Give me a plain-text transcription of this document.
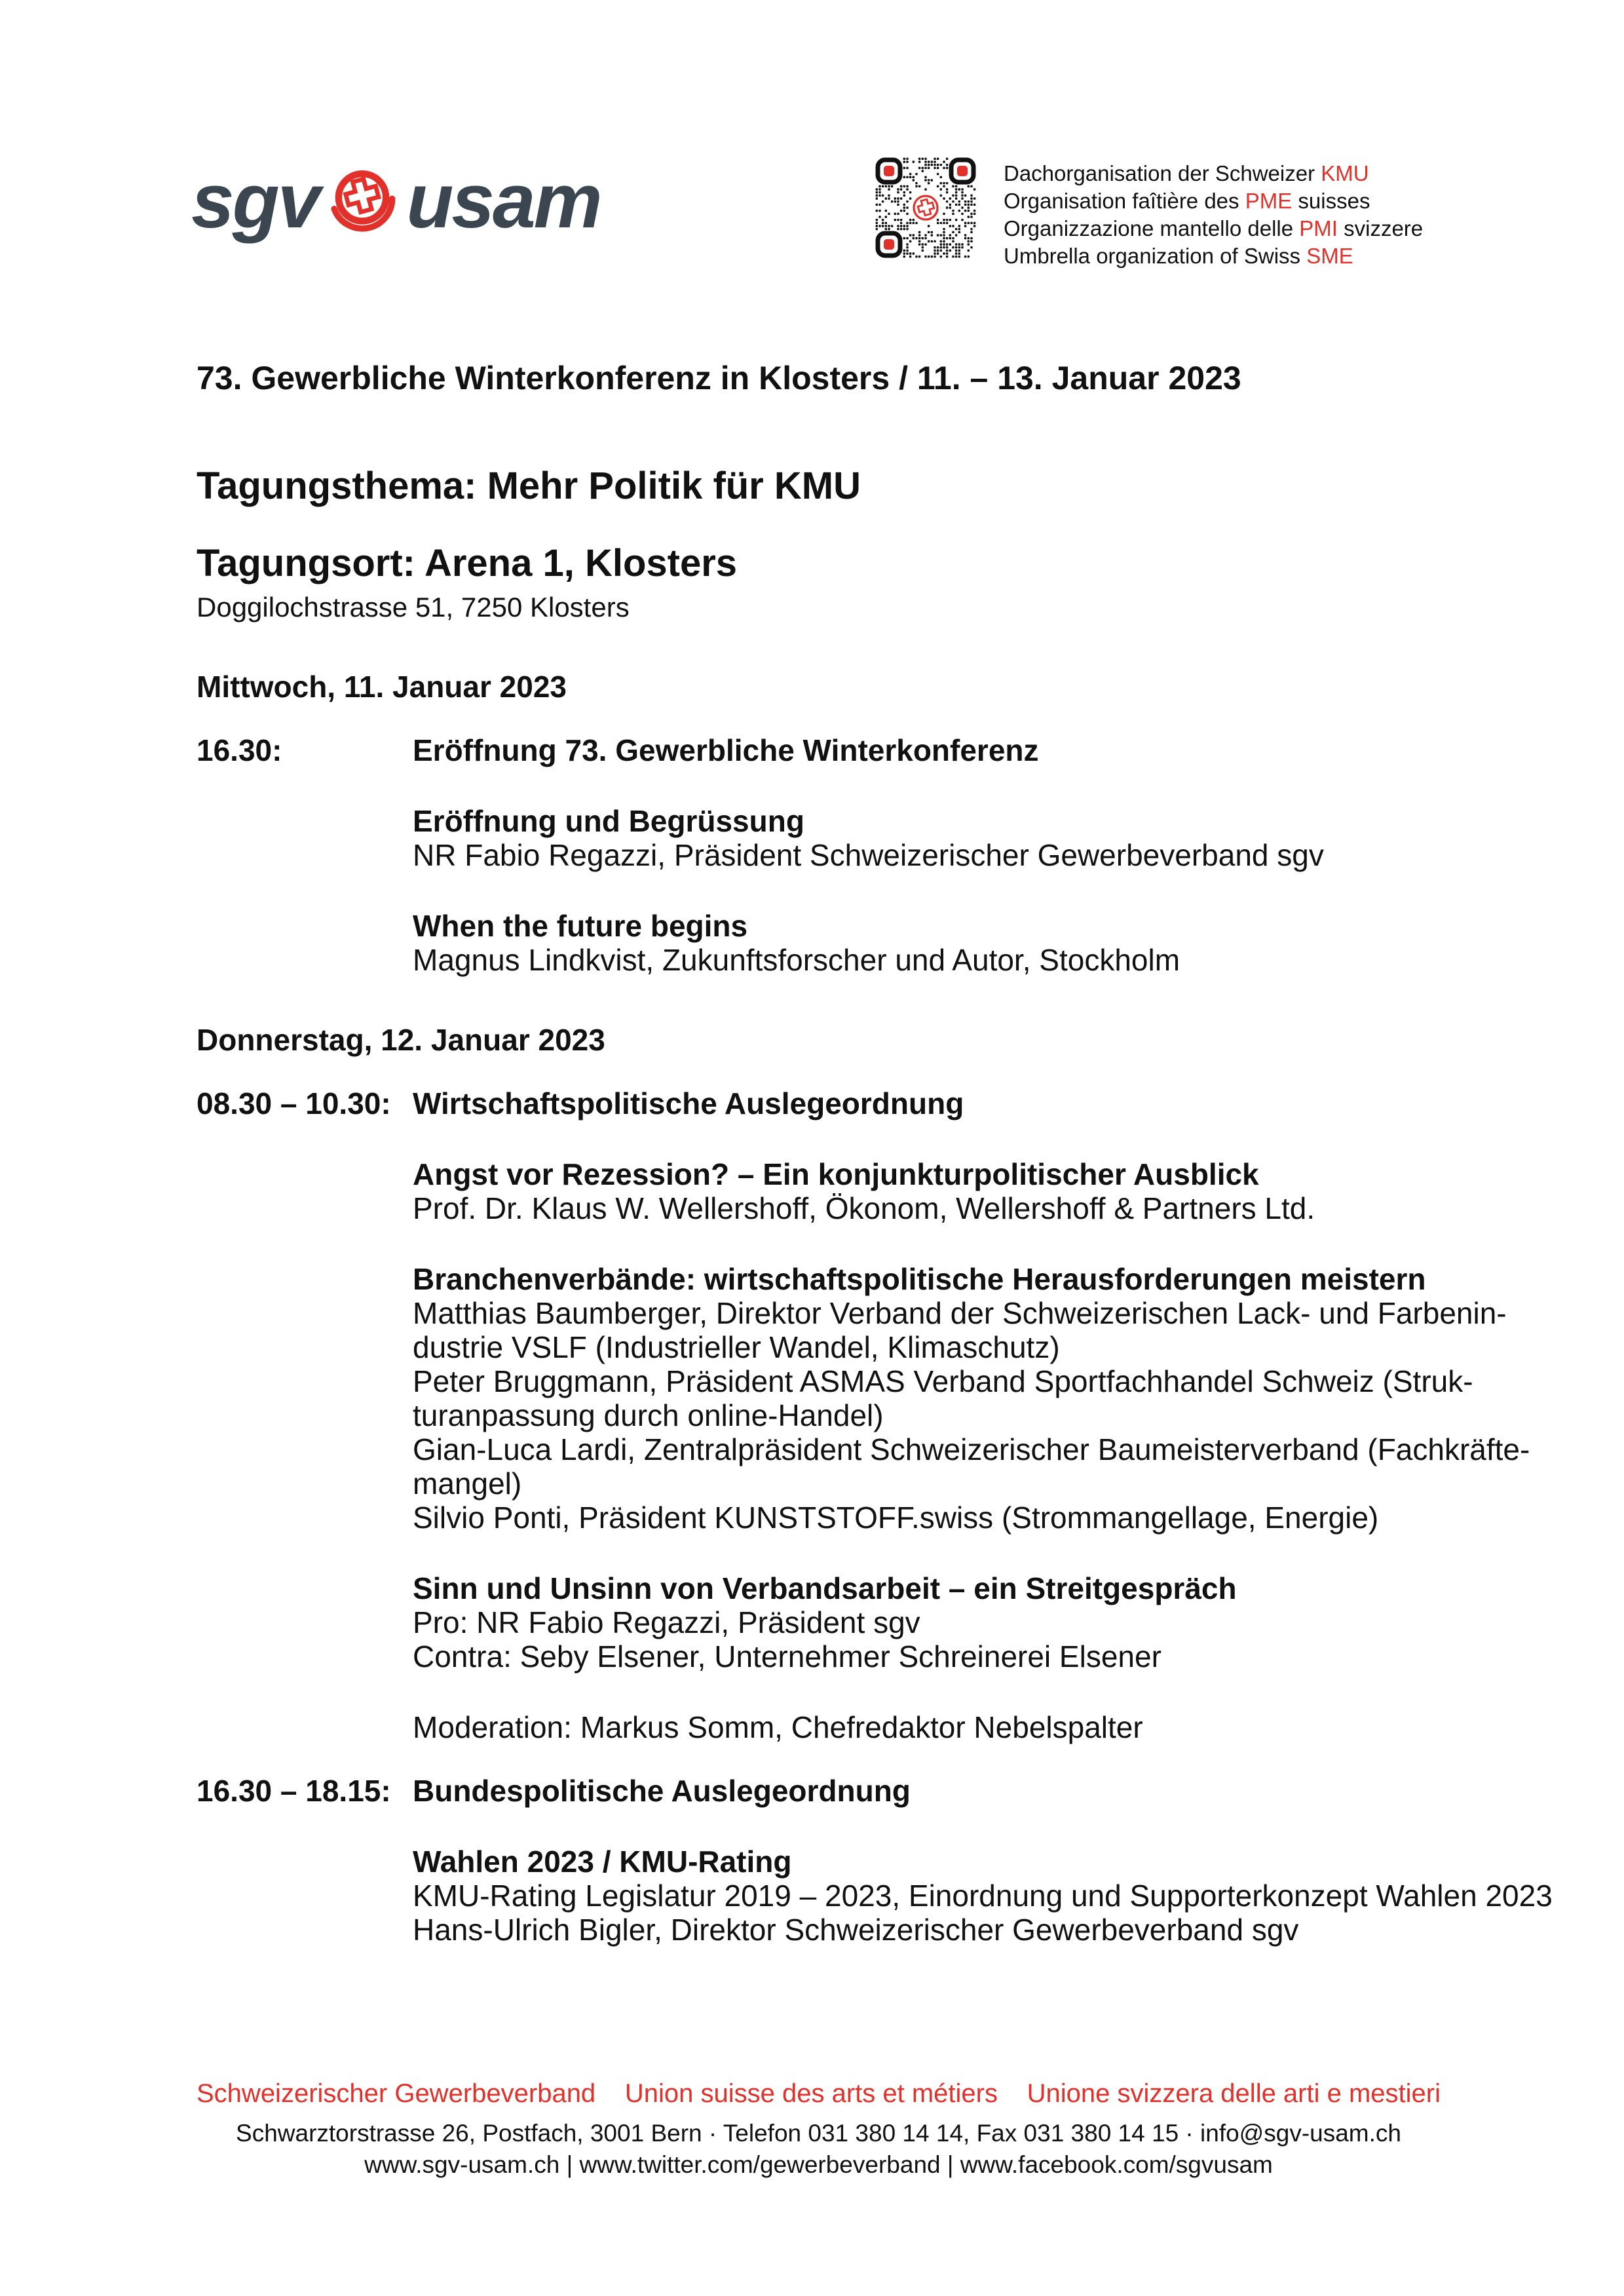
sgv usam	Dachorganisation der Schweizer KMU
Organisation faîtière des PME suisses
Organizzazione mantello delle PMI svizzere
Umbrella organization of Swiss SME
73. Gewerbliche Winterkonferenz in Klosters / 11. – 13. Januar 2023
Tagungsthema: Mehr Politik für KMU
Tagungsort: Arena 1, Klosters
Doggilochstrasse 51, 7250 Klosters
Mittwoch, 11. Januar 2023
16.30:	Eröffnung 73. Gewerbliche Winterkonferenz
Eröffnung und Begrüssung
NR Fabio Regazzi, Präsident Schweizerischer Gewerbeverband sgv
When the future begins
Magnus Lindkvist, Zukunftsforscher und Autor, Stockholm
Donnerstag, 12. Januar 2023
08.30 – 10.30: Wirtschaftspolitische Auslegeordnung
Angst vor Rezession? – Ein konjunkturpolitischer Ausblick
Prof. Dr. Klaus W. Wellershoff, Ökonom, Wellershoff & Partners Ltd.
Branchenverbände: wirtschaftspolitische Herausforderungen meistern
Matthias Baumberger, Direktor Verband der Schweizerischen Lack- und Farbenin-
dustrie VSLF (Industrieller Wandel, Klimaschutz)
Peter Bruggmann, Präsident ASMAS Verband Sportfachhandel Schweiz (Struk-
turanpassung durch online-Handel)
Gian-Luca Lardi, Zentralpräsident Schweizerischer Baumeisterverband (Fachkräfte-
mangel)
Silvio Ponti, Präsident KUNSTSTOFF.swiss (Strommangellage, Energie)
Sinn und Unsinn von Verbandsarbeit – ein Streitgespräch
Pro: NR Fabio Regazzi, Präsident sgv
Contra: Seby Elsener, Unternehmer Schreinerei Elsener
Moderation: Markus Somm, Chefredaktor Nebelspalter
16.30 – 18.15: Bundespolitische Auslegeordnung
Wahlen 2023 / KMU-Rating
KMU-Rating Legislatur 2019 – 2023, Einordnung und Supporterkonzept Wahlen 2023
Hans-Ulrich Bigler, Direktor Schweizerischer Gewerbeverband sgv
Schweizerischer Gewerbeverband Union suisse des arts et métiers Unione svizzera delle arti e mestieri
Schwarztorstrasse 26, Postfach, 3001 Bern · Telefon 031 380 14 14, Fax 031 380 14 15 · info@sgv-usam.ch
www.sgv-usam.ch | www.twitter.com/gewerbeverband | www.facebook.com/sgvusam
